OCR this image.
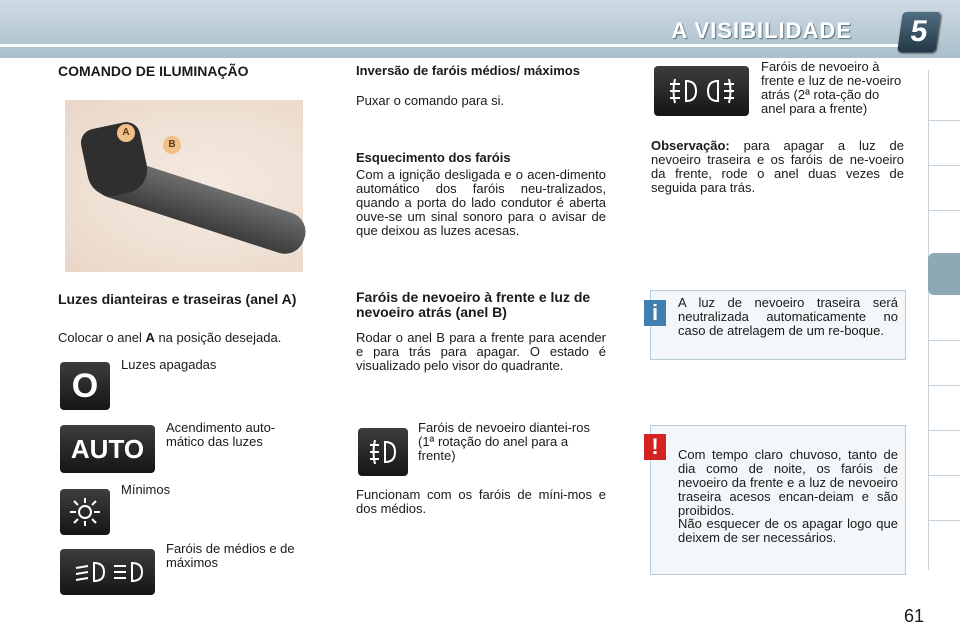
A VISIBILIDADE	5
COMANDO DE ILUMINAÇÃO
A
B
Luzes dianteiras e traseiras (anel A)
Colocar o anel A na posição desejada.
O
Luzes apagadas
AUTO
Acendimento auto-mático das luzes
Mínimos
Faróis de médios e de máximos
Inversão de faróis médios/ máximos
Puxar o comando para si.
Esquecimento dos faróis
Com a ignição desligada e o acen-dimento automático dos faróis neu-tralizados, quando a porta do lado condutor é aberta ouve-se um sinal sonoro para o avisar de que deixou as luzes acesas.
Faróis de nevoeiro à frente e luz de nevoeiro atrás (anel B)
Rodar o anel B para a frente para acender e para trás para apagar. O estado é visualizado pelo visor do quadrante.
Faróis de nevoeiro diantei-ros (1ª rotação do anel para a frente)
Funcionam com os faróis de míni-mos e dos médios.
Faróis de nevoeiro à frente e luz de ne-voeiro atrás (2ª rota-ção do anel para a frente)
Observação: para apagar a luz de nevoeiro traseira e os faróis de ne-voeiro da frente, rode o anel duas vezes de seguida para trás.
i	A luz de nevoeiro traseira será neutralizada automaticamente no caso de atrelagem de um re-boque.
!	Com tempo claro chuvoso, tanto de dia como de noite, os faróis de nevoeiro da frente e a luz de nevoeiro traseira acesos encan-deiam e são proibidos.
Não esquecer de os apagar logo que deixem de ser necessários.
61
